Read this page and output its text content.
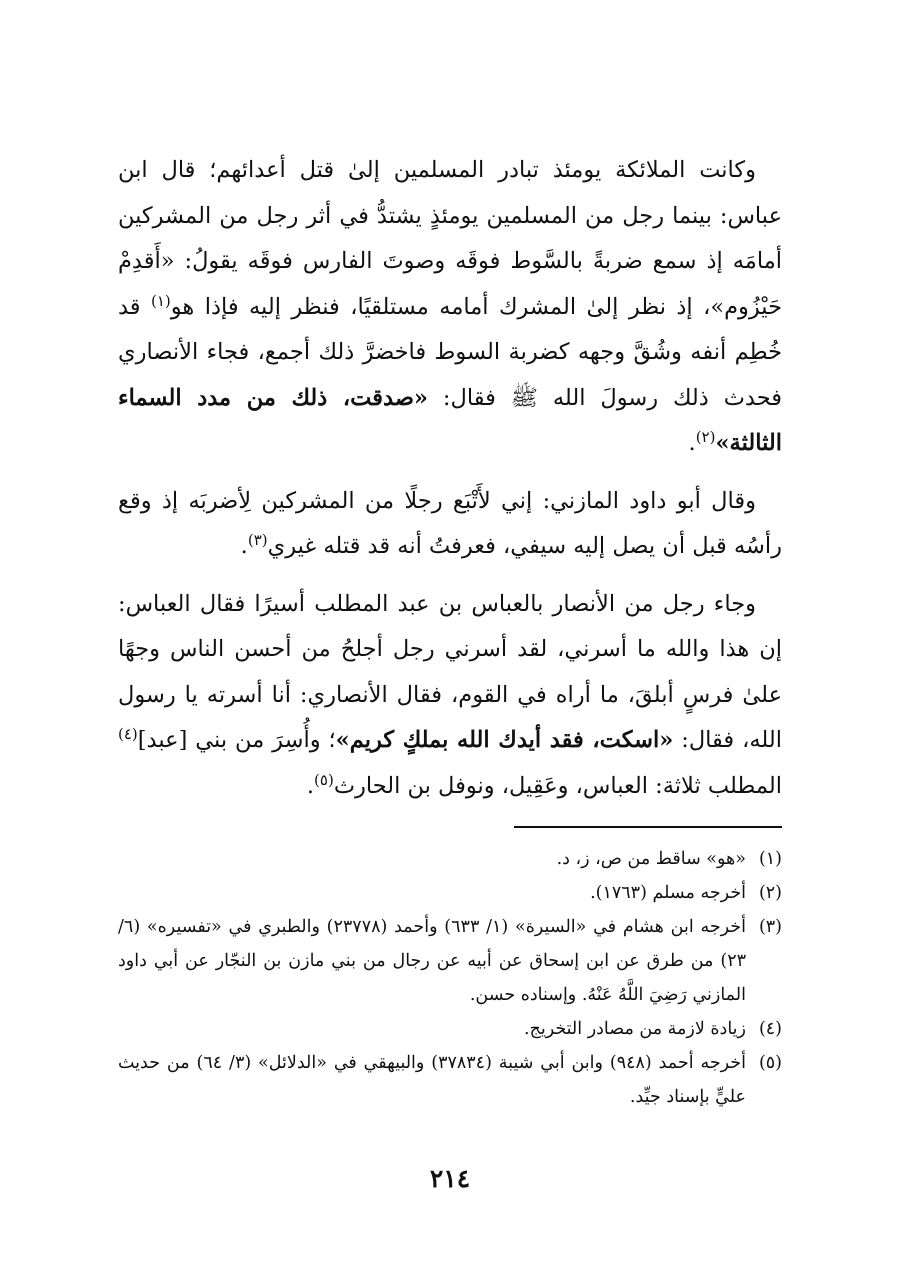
وكانت الملائكة يومئذ تبادر المسلمين إلىٰ قتل أعدائهم؛ قال ابن عباس: بينما رجل من المسلمين يومئذٍ يشتدُّ في أثر رجل من المشركين أمامَه إذ سمع ضربةً بالسَّوط فوقَه وصوتَ الفارس فوقَه يقولُ: «أَقدِمْ حَيْزُوم»، إذ نظر إلىٰ المشرك أمامه مستلقيًا، فنظر إليه فإذا هو$^{(١)}$ قد خُطِم أنفه وشُقَّ وجهه كضربة السوط فاخضرَّ ذلك أجمع، فجاء الأنصاري فحدث ذلك رسولَ الله ﷺ فقال: «صدقت، ذلك من مدد السماء الثالثة»$^{(٢)}$.

وقال أبو داود المازني: إني لأَتْبَع رجلًا من المشركين لِأضربَه إذ وقع رأسُه قبل أن يصل إليه سيفي، فعرفتُ أنه قد قتله غيري$^{(٣)}$.

وجاء رجل من الأنصار بالعباس بن عبد المطلب أسيرًا فقال العباس: إن هذا والله ما أسرني، لقد أسرني رجل أجلحُ من أحسن الناس وجهًا علىٰ فرسٍ أبلقَ، ما أراه في القوم، فقال الأنصاري: أنا أسرته يا رسول الله، فقال: «اسكت، فقد أيدك الله بملكٍ كريم»؛ وأُسِرَ من بني [عبد]$^{(٤)}$ المطلب ثلاثة: العباس، وعَقِيل، ونوفل بن الحارث$^{(٥)}$.

(١)
«هو» ساقط من ص، ز، د.
(٢)
أخرجه مسلم (١٧٦٣).
(٣)
أخرجه ابن هشام في «السيرة» (١/ ٦٣٣) وأحمد (٢٣٧٧٨) والطبري في «تفسيره» (٦/ ٢٣) من طرق عن ابن إسحاق عن أبيه عن رجال من بني مازن بن النجّار عن أبي داود المازني رَضِيَ اللَّهُ عَنْهُ. وإسناده حسن.
(٤)
زيادة لازمة من مصادر التخريج.
(٥)
أخرجه أحمد (٩٤٨) وابن أبي شيبة (٣٧٨٣٤) والبيهقي في «الدلائل» (٣/ ٦٤) من حديث عليٍّ بإسناد جيِّد.
٢١٤
